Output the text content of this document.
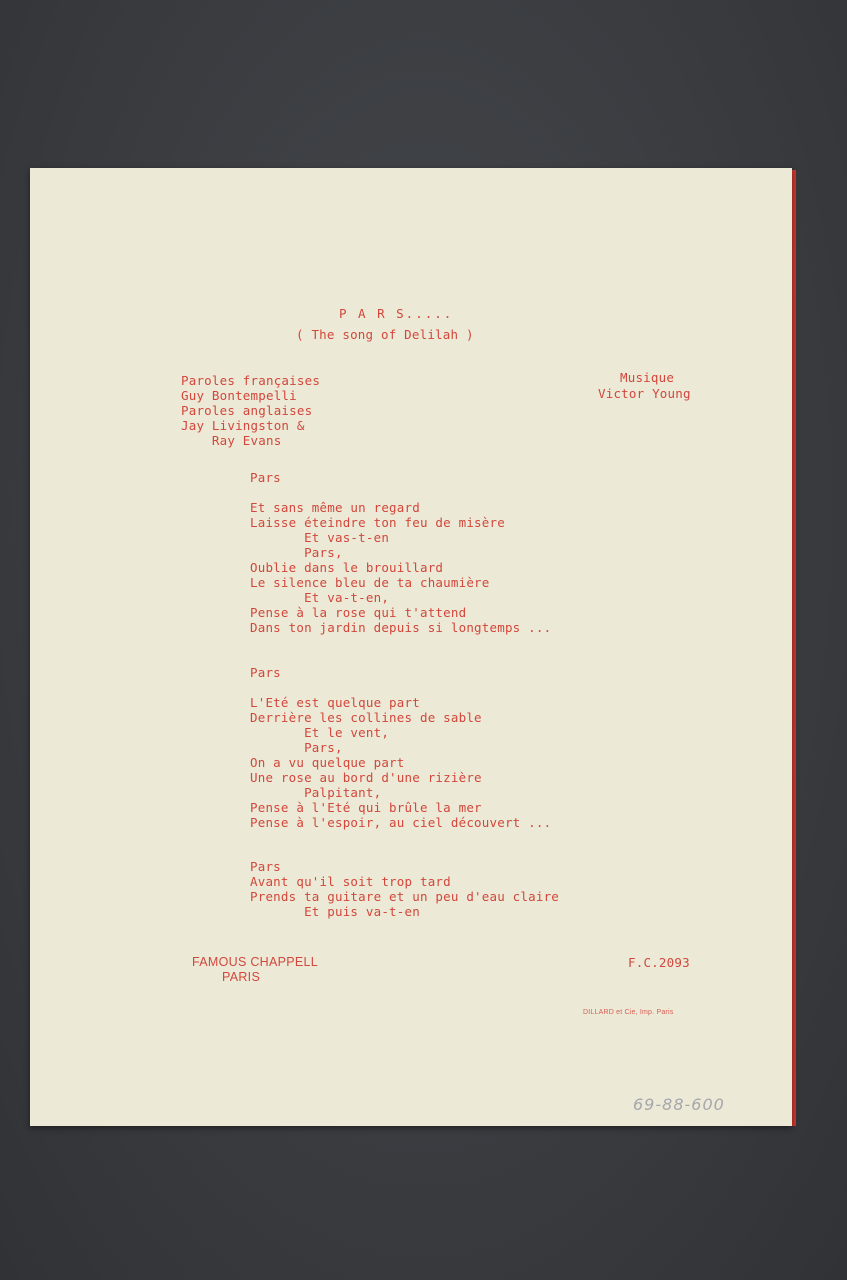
P A R S.....
( The song of Delilah )
Paroles françaises
Guy Bontempelli
Paroles anglaises
Jay Livingston &
Ray Evans
Musique
Victor Young
Pars
Et sans même un regard
Laisse éteindre ton feu de misère
Et vas-t-en
Pars,
Oublie dans le brouillard
Le silence bleu de ta chaumière
Et va-t-en,
Pense à la rose qui t'attend
Dans ton jardin depuis si longtemps ...
Pars
L'Eté est quelque part
Derrière les collines de sable
Et le vent,
Pars,
On a vu quelque part
Une rose au bord d'une rizière
Palpitant,
Pense à l'Eté qui brûle la mer
Pense à l'espoir, au ciel découvert ...
Pars
Avant qu'il soit trop tard
Prends ta guitare et un peu d'eau claire
Et puis va-t-en
FAMOUS CHAPPELL
PARIS
F.C.2093
DILLARD et Cie, Imp. Paris
69-88-600
